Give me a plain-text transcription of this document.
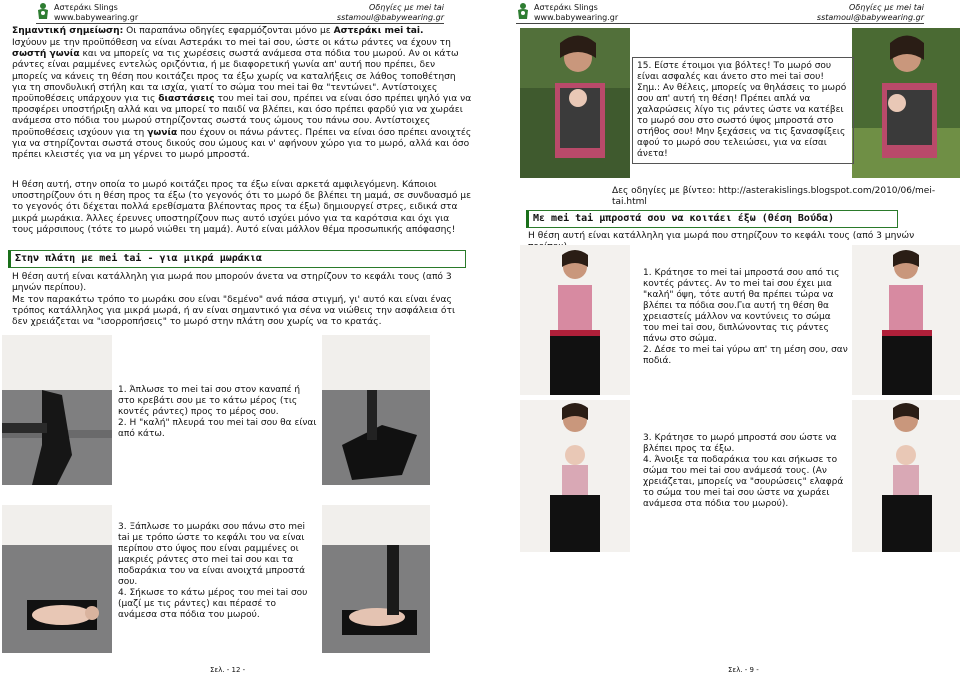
Αστεράκι Slings
www.babywearing.gr
Οδηγίες με mei tai
sstamoul@babywearing.gr

Σημαντική σημείωση: Οι παραπάνω οδηγίες εφαρμόζονται μόνο με Αστεράκι mei tai.

Ισχύουν με την προϋπόθεση να είναι Αστεράκι το mei tai σου, ώστε οι κάτω ράντες να έχουν τη σωστή γωνία και να μπορείς να τις χωρέσεις σωστά ανάμεσα στα πόδια του μωρού. Αν οι κάτω ράντες είναι ραμμένες εντελώς οριζόντια, ή με διαφορετική γωνία απ' αυτή που πρέπει, δεν μπορείς να κάνεις τη θέση που κοιτάζει προς τα έξω χωρίς να καταλήξεις σε λάθος τοποθέτηση για τη σπονδυλική στήλη και τα ισχία, γιατί το σώμα του mei tai θα "τεντώνει". Αντίστοιχες προϋποθέσεις υπάρχουν για τις διαστάσεις του mei tai σου, πρέπει να είναι όσο πρέπει ψηλό για να προσφέρει υποστήριξη αλλά και να μπορεί το παιδί να βλέπει, και όσο πρέπει φαρδύ για να χωράει ανάμεσα στο πόδια του μωρού στηρίζοντας σωστά τους ώμους του πάνω σου. Αντίστοιχες προϋποθέσεις ισχύουν για τη γωνία που έχουν οι πάνω ράντες. Πρέπει να είναι όσο πρέπει ανοιχτές για να στηρίζονται σωστά στους δικούς σου ώμους και ν' αφήνουν χώρο για το μωρό, αλλά και όσο πρέπει κλειστές για να μη γέρνει το μωρό μπροστά.

Η θέση αυτή, στην οποία το μωρό κοιτάζει προς τα έξω είναι αρκετά αμφιλεγόμενη. Κάποιοι υποστηρίζουν ότι η θέση προς τα έξω (το γεγονός ότι το μωρό δε βλέπει τη μαμά, σε συνδυασμό με το γεγονός ότι δέχεται πολλά ερεθίσματα βλέποντας προς τα έξω) δημιουργεί στρες, ειδικά στα μικρά μωράκια. Άλλες έρευνες υποστηρίζουν πως αυτό ισχύει μόνο για τα καρότσια και όχι για τους μάρσιπους (τότε το μωρό νιώθει τη μαμά). Αυτό είναι μάλλον θέμα προσωπικής απόφασης!

Στην πλάτη με mei tai - για μικρά μωράκια

Η θέση αυτή είναι κατάλληλη για μωρά που μπορούν άνετα να στηρίζουν το κεφάλι τους (από 3 μηνών περίπου).

Με τον παρακάτω τρόπο το μωράκι σου είναι "δεμένο" ανά πάσα στιγμή, γι' αυτό και είναι ένας τρόπος κατάλληλος για μικρά μωρά, ή αν είναι σημαντικό για σένα να νιώθεις την ασφάλεια ότι δεν χρειάζεται να "ισορροπήσεις" το μωρό στην πλάτη σου χωρίς να το κρατάς.

1. Άπλωσε το mei tai σου στον καναπέ ή στο κρεβάτι σου με το κάτω μέρος (τις κοντές ράντες) προς το μέρος σου.
2. Η "καλή" πλευρά του mei tai σου θα είναι από κάτω.
3. Ξάπλωσε το μωράκι σου πάνω στο mei tai με τρόπο ώστε το κεφάλι του να είναι περίπου στο ύψος που είναι ραμμένες οι μακριές ράντες στο mei tai σου και τα ποδαράκια του να είναι ανοιχτά μπροστά σου.
4. Σήκωσε το κάτω μέρος του mei tai σου (μαζί με τις ράντες) και πέρασέ το ανάμεσα στα πόδια του μωρού.
Σελ. - 12 -
Αστεράκι Slings
www.babywearing.gr
Οδηγίες με mei tai
sstamoul@babywearing.gr
15. Είστε έτοιμοι για βόλτες! Το μωρό σου είναι ασφαλές και άνετο στο mei tai σου!
Σημ.: Αν θέλεις, μπορείς να θηλάσεις το μωρό σου απ' αυτή τη θέση! Πρέπει απλά να χαλαρώσεις λίγο τις ράντες ώστε να κατέβει το μωρό σου στο σωστό ύψος μπροστά στο στήθος σου! Μην ξεχάσεις να τις ξανασφίξεις αφού το μωρό σου τελειώσει, για να είσαι άνετα!
Δες οδηγίες με βίντεο: http://asterakislings.blogspot.com/2010/06/mei-tai.html
Με mei tai μπροστά σου να κοιτάει έξω (θέση Βούδα)

Η θέση αυτή είναι κατάλληλη για μωρά που στηρίζουν το κεφάλι τους (από 3 μηνών

1. Κράτησε το mei tai μπροστά σου από τις κοντές ράντες. Αν το mei tai σου έχει μια "καλή" όψη, τότε αυτή θα πρέπει τώρα να βλέπει τα πόδια σου.Για αυτή τη θέση θα χρειαστείς μάλλον να κοντύνεις το σώμα του mei tai σου, διπλώνοντας τις ράντες πάνω στο σώμα.
2. Δέσε το mei tai γύρω απ' τη μέση σου, σαν ποδιά.
3. Κράτησε το μωρό μπροστά σου ώστε να βλέπει προς τα έξω.
4. Άνοιξε τα ποδαράκια του και σήκωσε το σώμα του mei tai σου ανάμεσά τους. (Αν χρειάζεται, μπορείς να "σουρώσεις" ελαφρά το σώμα του mei tai σου ώστε να χωράει ανάμεσα στα πόδια του μωρού).
Σελ. - 9 -
